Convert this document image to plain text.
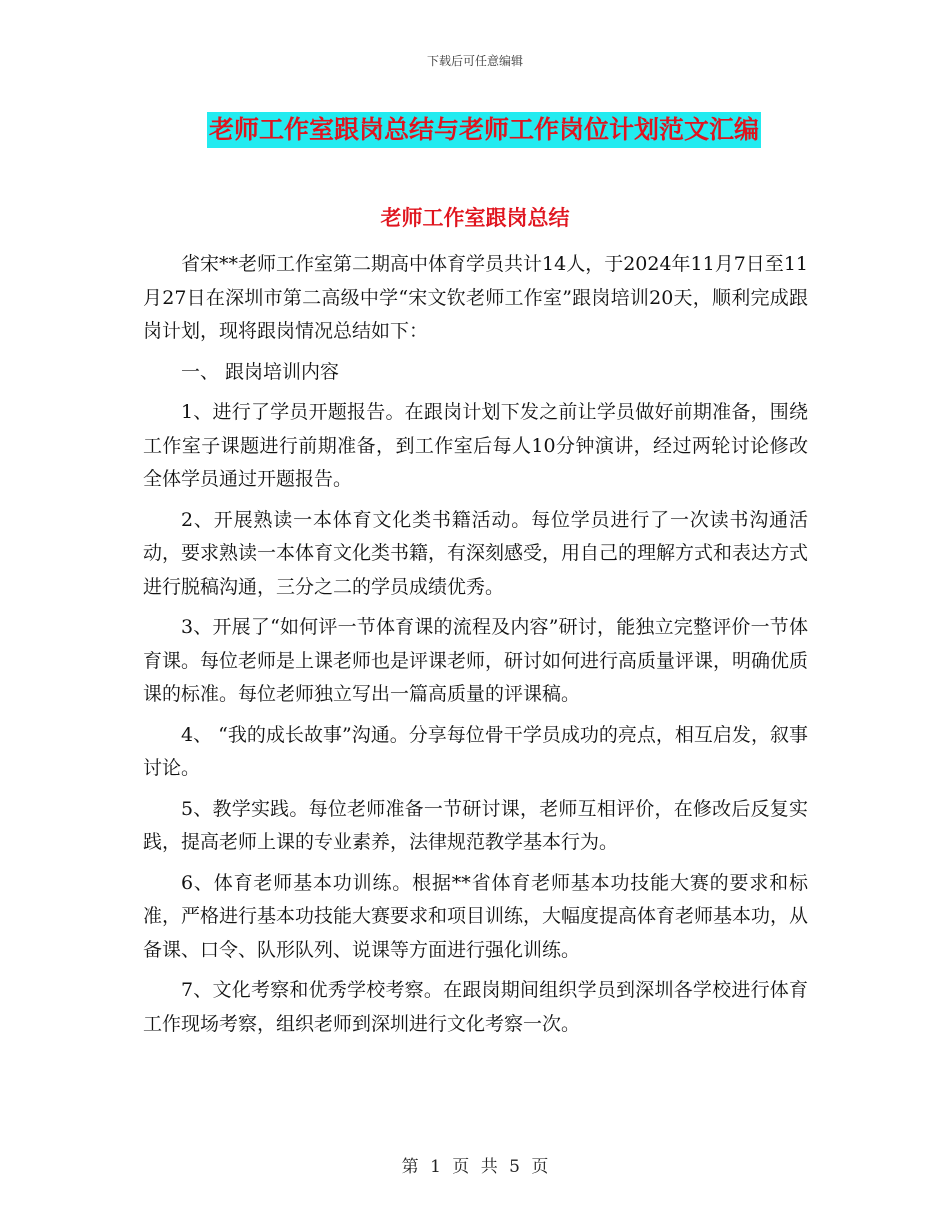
下载后可任意编辑
老师工作室跟岗总结与老师工作岗位计划范文汇编
老师工作室跟岗总结

省宋**老师工作室第二期高中体育学员共计14人，于2024年11月7日至11月27日在深圳市第二高级中学“宋文钦老师工作室”跟岗培训20天，顺利完成跟岗计划，现将跟岗情况总结如下：

一、 跟岗培训内容

1、进行了学员开题报告。在跟岗计划下发之前让学员做好前期准备，围绕工作室子课题进行前期准备，到工作室后每人10分钟演讲，经过两轮讨论修改全体学员通过开题报告。

2、开展熟读一本体育文化类书籍活动。每位学员进行了一次读书沟通活动，要求熟读一本体育文化类书籍，有深刻感受，用自己的理解方式和表达方式进行脱稿沟通，三分之二的学员成绩优秀。

3、开展了“如何评一节体育课的流程及内容”研讨，能独立完整评价一节体育课。每位老师是上课老师也是评课老师，研讨如何进行高质量评课，明确优质课的标准。每位老师独立写出一篇高质量的评课稿。

4、 “我的成长故事”沟通。分享每位骨干学员成功的亮点，相互启发，叙事讨论。

5、教学实践。每位老师准备一节研讨课，老师互相评价，在修改后反复实践，提高老师上课的专业素养，法律规范教学基本行为。

6、体育老师基本功训练。根据**省体育老师基本功技能大赛的要求和标准，严格进行基本功技能大赛要求和项目训练，大幅度提高体育老师基本功，从备课、口令、队形队列、说课等方面进行强化训练。

7、文化考察和优秀学校考察。在跟岗期间组织学员到深圳各学校进行体育工作现场考察，组织老师到深圳进行文化考察一次。

第 1 页 共 5 页
